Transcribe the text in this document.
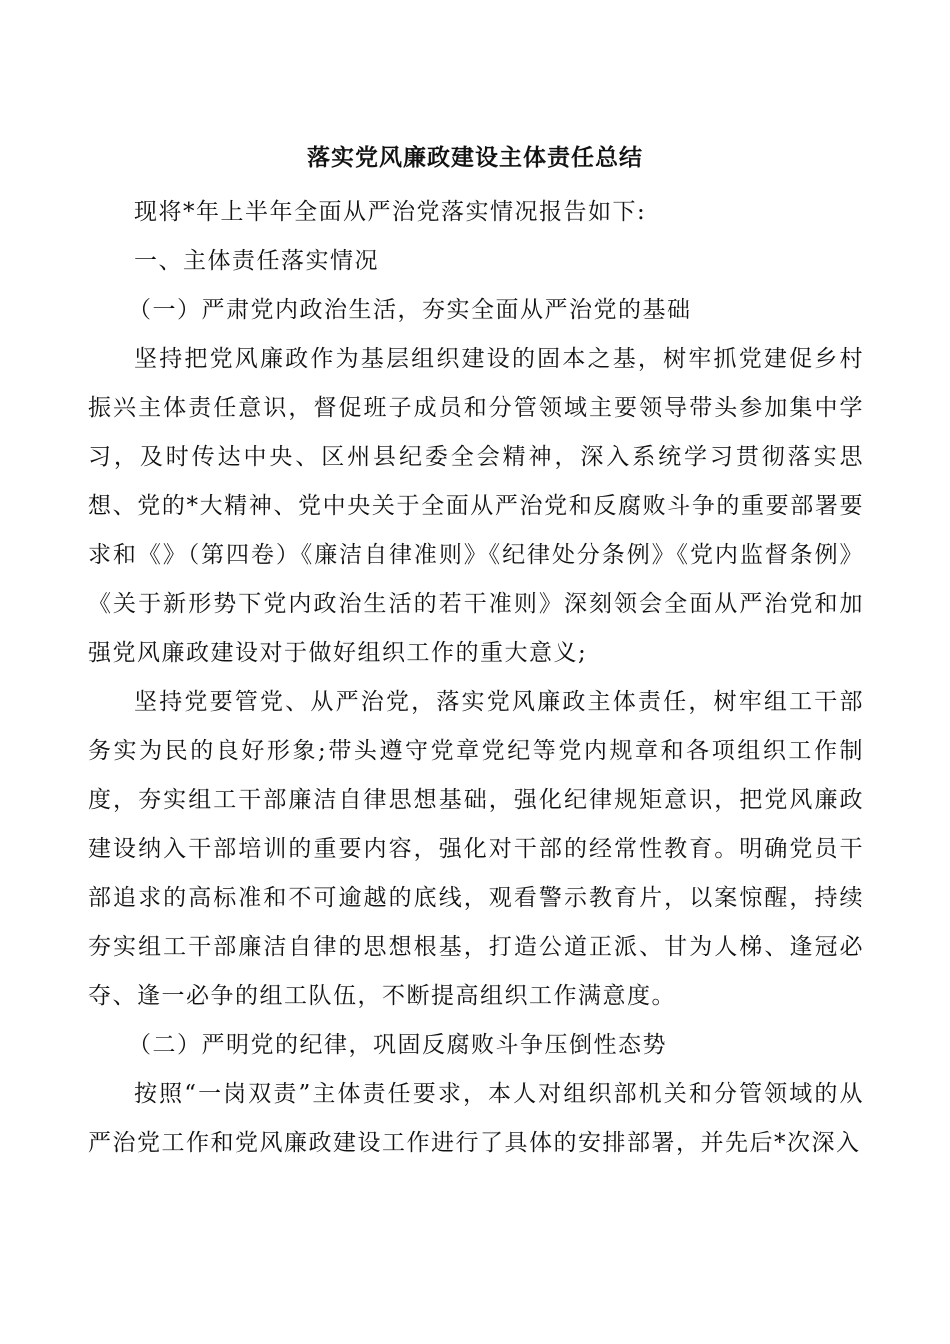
落实党风廉政建设主体责任总结

现将*年上半年全面从严治党落实情况报告如下:

一、主体责任落实情况

（一）严肃党内政治生活，夯实全面从严治党的基础

坚持把党风廉政作为基层组织建设的固本之基，树牢抓党建促乡村振兴主体责任意识，督促班子成员和分管领域主要领导带头参加集中学习，及时传达中央、区州县纪委全会精神，深入系统学习贯彻落实思想、党的*大精神、党中央关于全面从严治党和反腐败斗争的重要部署要求和《》（第四卷）《廉洁自律准则》《纪律处分条例》《党内监督条例》《关于新形势下党内政治生活的若干准则》深刻领会全面从严治党和加强党风廉政建设对于做好组织工作的重大意义;

坚持党要管党、从严治党，落实党风廉政主体责任，树牢组工干部务实为民的良好形象;带头遵守党章党纪等党内规章和各项组织工作制度，夯实组工干部廉洁自律思想基础，强化纪律规矩意识，把党风廉政建设纳入干部培训的重要内容，强化对干部的经常性教育。明确党员干部追求的高标准和不可逾越的底线，观看警示教育片，以案惊醒，持续夯实组工干部廉洁自律的思想根基，打造公道正派、甘为人梯、逢冠必夺、逢一必争的组工队伍，不断提高组织工作满意度。

（二）严明党的纪律，巩固反腐败斗争压倒性态势

按照“一岗双责”主体责任要求，本人对组织部机关和分管领域的从严治党工作和党风廉政建设工作进行了具体的安排部署，并先后*次深入
